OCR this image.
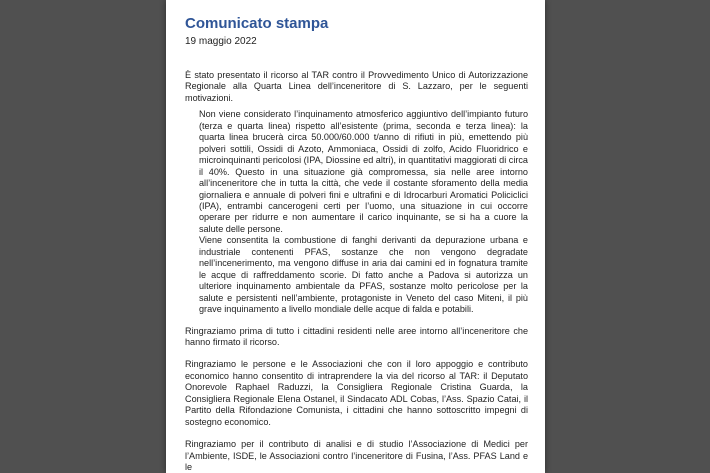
Comunicato stampa

19 maggio 2022

È stato presentato il ricorso al TAR contro il Provvedimento Unico di Autorizzazione Regionale alla Quarta Linea dell’inceneritore di S. Lazzaro, per le seguenti motivazioni.

Non viene considerato l’inquinamento atmosferico aggiuntivo dell’impianto futuro (terza e quarta linea) rispetto all’esistente (prima, seconda e terza linea): la quarta linea brucerà circa 50.000/60.000 t/anno di rifiuti in più, emettendo più polveri sottili, Ossidi di Azoto, Ammoniaca, Ossidi di zolfo, Acido Fluoridrico e microinquinanti pericolosi (IPA, Diossine ed altri), in quantitativi maggiorati di circa il 40%. Questo in una situazione già compromessa, sia nelle aree intorno all’inceneritore che in tutta la città, che vede il costante sforamento della media giornaliera e annuale di polveri fini e ultrafini e di Idrocarburi Aromatici Policiclici (IPA), entrambi cancerogeni certi per l’uomo, una situazione in cui occorre operare per ridurre e non aumentare il carico inquinante, se si ha a cuore la salute delle persone.

Viene consentita la combustione di fanghi derivanti da depurazione urbana e industriale contenenti PFAS, sostanze che non vengono degradate nell’incenerimento, ma vengono diffuse in aria dai camini ed in fognatura tramite le acque di raffreddamento scorie. Di fatto anche a Padova si autorizza un ulteriore inquinamento ambientale da PFAS, sostanze molto pericolose per la salute e persistenti nell’ambiente, protagoniste in Veneto del caso Miteni, il più grave inquinamento a livello mondiale delle acque di falda e potabili.

Ringraziamo prima di tutto i cittadini residenti nelle aree intorno all’inceneritore che hanno firmato il ricorso.

Ringraziamo le persone e le Associazioni che con il loro appoggio e contributo economico hanno consentito di intraprendere la via del ricorso al TAR: il Deputato Onorevole Raphael Raduzzi, la Consigliera Regionale Cristina Guarda, la Consigliera Regionale Elena Ostanel, il Sindacato ADL Cobas, l’Ass. Spazio Catai, il Partito della Rifondazione Comunista, i cittadini che hanno sottoscritto impegni di sostegno economico.

Ringraziamo per il contributo di analisi e di studio l’Associazione di Medici per l’Ambiente, ISDE, le Associazioni contro l’inceneritore di Fusina, l’Ass. PFAS Land e le
